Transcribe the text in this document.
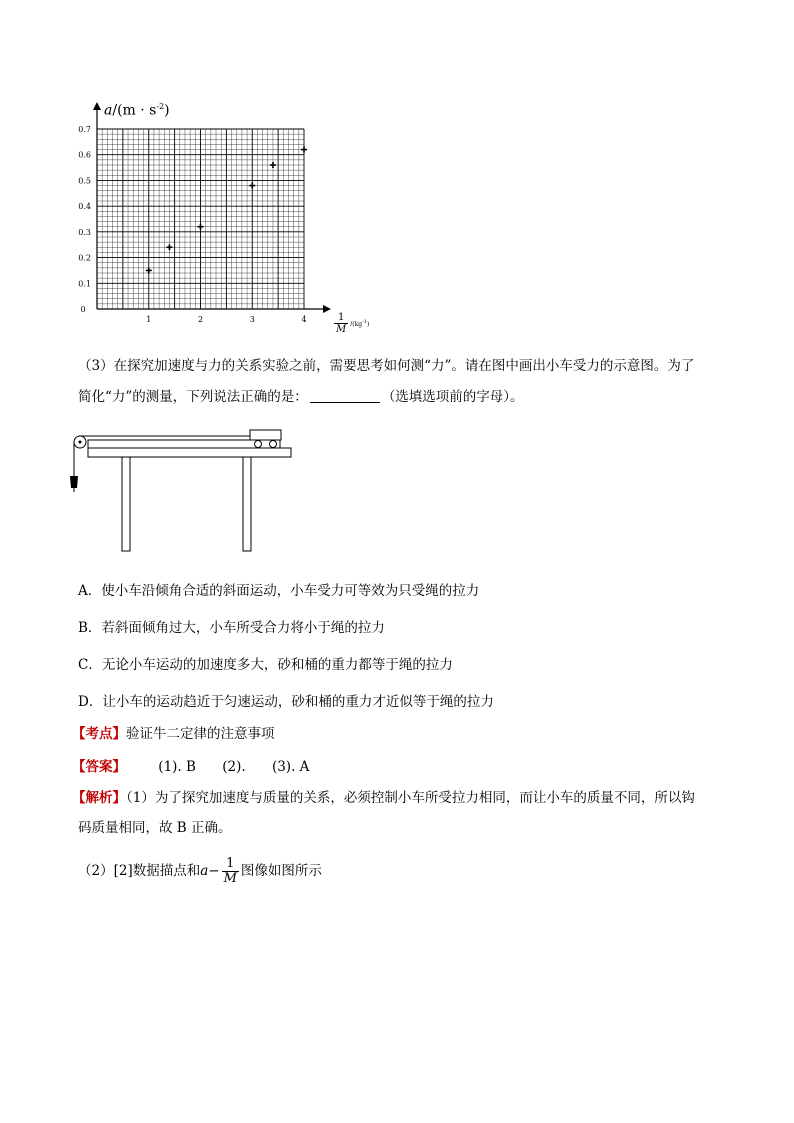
0.7
0.6
0.5
0.4
0.3
0.2
0.1
0
1	2	3	4
$a/(m \cdot s^{-2})$
$\frac{1}{M} /(kg^{-1})$
（3）在探究加速度与力的关系实验之前，需要思考如何测“力”。请在图中画出小车受力的示意图。为了
简化“力”的测量，下列说法正确的是：	（选填选项前的字母）。
A．使小车沿倾角合适的斜面运动，小车受力可等效为只受绳的拉力
B．若斜面倾角过大，小车所受合力将小于绳的拉力
C．无论小车运动的加速度多大，砂和桶的重力都等于绳的拉力
D．让小车的运动趋近于匀速运动，砂和桶的重力才近似等于绳的拉力
【考点】验证牛二定律的注意事项
【答案】 (1). B (2). (3). A
【解析】（1）为了探究加速度与质量的关系，必须控制小车所受拉力相同，而让小车的质量不同，所以钩
码质量相同，故 B 正确。
（2）[2]数据描点和$a- \frac{1}{M}$ 图像如图所示
